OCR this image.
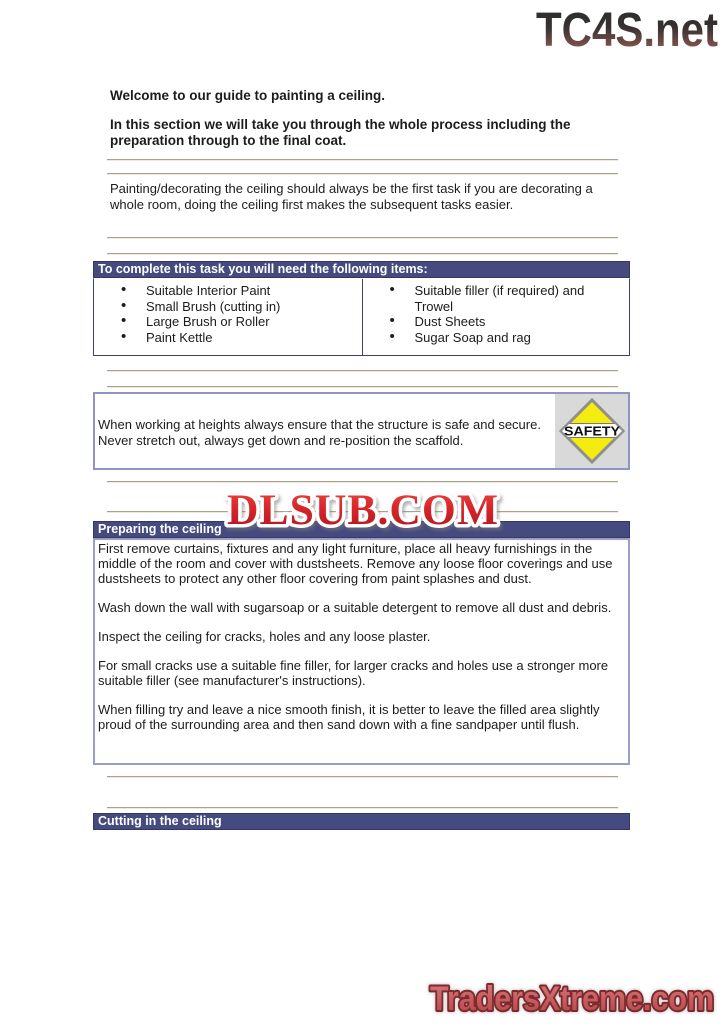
TC4S.net
Welcome to our guide to painting a ceiling.
In this section we will take you through the whole process including the preparation through to the final coat.
Painting/decorating the ceiling should always be the first task if you are decorating a whole room, doing the ceiling first makes the subsequent tasks easier.
To complete this task you will need the following items:
• Suitable Interior Paint
• Small Brush (cutting in)
• Large Brush or Roller
• Paint Kettle
• Suitable filler (if required) and Trowel
• Dust Sheets
• Sugar Soap and rag
When working at heights always ensure that the structure is safe and secure. Never stretch out, always get down and re-position the scaffold.
SAFETY
Preparing the ceiling

First remove curtains, fixtures and any light furniture, place all heavy furnishings in the middle of the room and cover with dustsheets. Remove any loose floor coverings and use dustsheets to protect any other floor covering from paint splashes and dust.

Wash down the wall with sugarsoap or a suitable detergent to remove all dust and debris.

Inspect the ceiling for cracks, holes and any loose plaster.

For small cracks use a suitable fine filler, for larger cracks and holes use a stronger more suitable filler (see manufacturer's instructions).

When filling try and leave a nice smooth finish, it is better to leave the filled area slightly proud of the surrounding area and then sand down with a fine sandpaper until flush.

DLSUB.COM
Cutting in the ceiling
TradersXtreme.com
